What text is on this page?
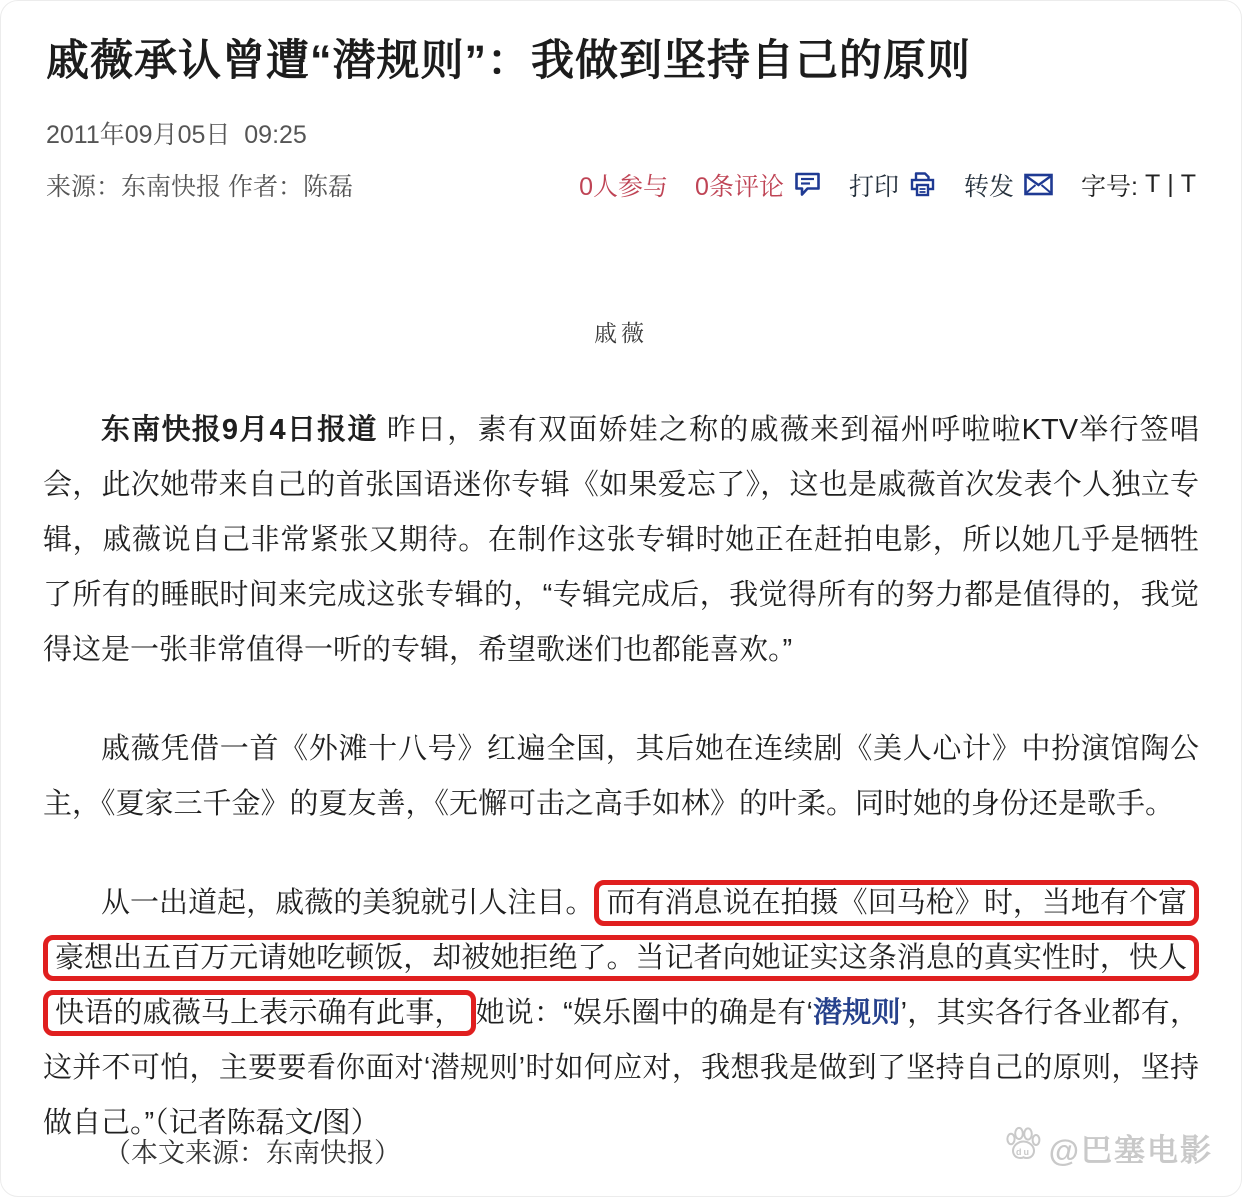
戚薇承认曾遭“潜规则”：我做到坚持自己的原则
2011年09月05日  09:25
来源：东南快报 作者：陈磊	0人参与 0条评论	打印	转发	字号: T | T
戚薇

东南快报9月4日报道 昨日，素有双面娇娃之称的戚薇来到福州呼啦啦KTV举行签唱会，此次她带来自己的首张国语迷你专辑《如果爱忘了》，这也是戚薇首次发表个人独立专辑，戚薇说自己非常紧张又期待。在制作这张专辑时她正在赶拍电影，所以她几乎是牺牲了所有的睡眠时间来完成这张专辑的，“专辑完成后，我觉得所有的努力都是值得的，我觉得这是一张非常值得一听的专辑，希望歌迷们也都能喜欢。”

戚薇凭借一首《外滩十八号》红遍全国，其后她在连续剧《美人心计》中扮演馆陶公主，《夏家三千金》的夏友善，《无懈可击之高手如林》的叶柔。同时她的身份还是歌手。

从一出道起，戚薇的美貌就引人注目。 而有消息说在拍摄《回马枪》时，当地有个富豪想出五百万元请她吃顿饭，却被她拒绝了。当记者向她证实这条消息的真实性时，快人快语的戚薇马上表示确有此事， 她说：“娱乐圈中的确是有‘潜规则’，其实各行各业都有，这并不可怕，主要要看你面对‘潜规则’时如何应对，我想我是做到了坚持自己的原则，坚持做自己。”（记者陈磊文/图）

（本文来源：东南快报）	du @巴塞电影
